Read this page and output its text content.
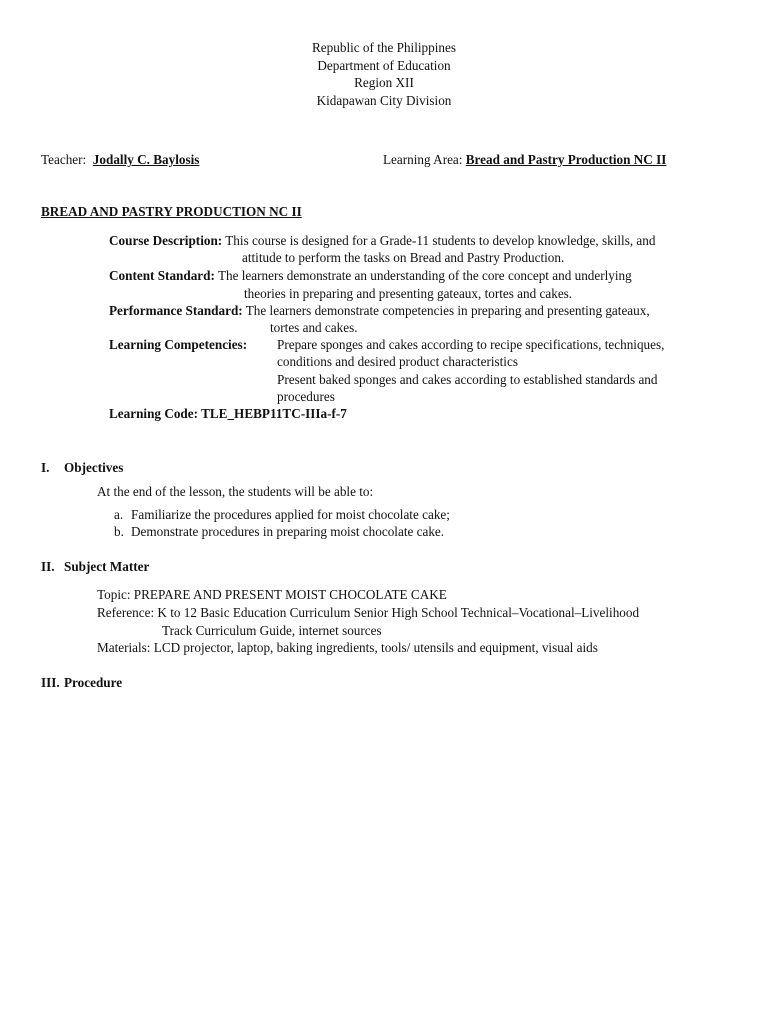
Republic of the Philippines
Department of Education
Region XII
Kidapawan City Division
Teacher: Jodally C. Baylosis	Learning Area: Bread and Pastry Production NC II
BREAD AND PASTRY PRODUCTION NC II
Course Description: This course is designed for a Grade-11 students to develop knowledge, skills, and
attitude to perform the tasks on Bread and Pastry Production.
Content Standard: The learners demonstrate an understanding of the core concept and underlying
theories in preparing and presenting gateaux, tortes and cakes.
Performance Standard: The learners demonstrate competencies in preparing and presenting gateaux,
tortes and cakes.
Learning Competencies: Prepare sponges and cakes according to recipe specifications, techniques,
conditions and desired product characteristics
Present baked sponges and cakes according to established standards and
procedures
Learning Code: TLE_HEBP11TC-IIIa-f-7
I. Objectives
At the end of the lesson, the students will be able to:
a. Familiarize the procedures applied for moist chocolate cake;
b. Demonstrate procedures in preparing moist chocolate cake.
II. Subject Matter
Topic: PREPARE AND PRESENT MOIST CHOCOLATE CAKE
Reference: K to 12 Basic Education Curriculum Senior High School Technical–Vocational–Livelihood
Track Curriculum Guide, internet sources
Materials: LCD projector, laptop, baking ingredients, tools/ utensils and equipment, visual aids
III. Procedure
